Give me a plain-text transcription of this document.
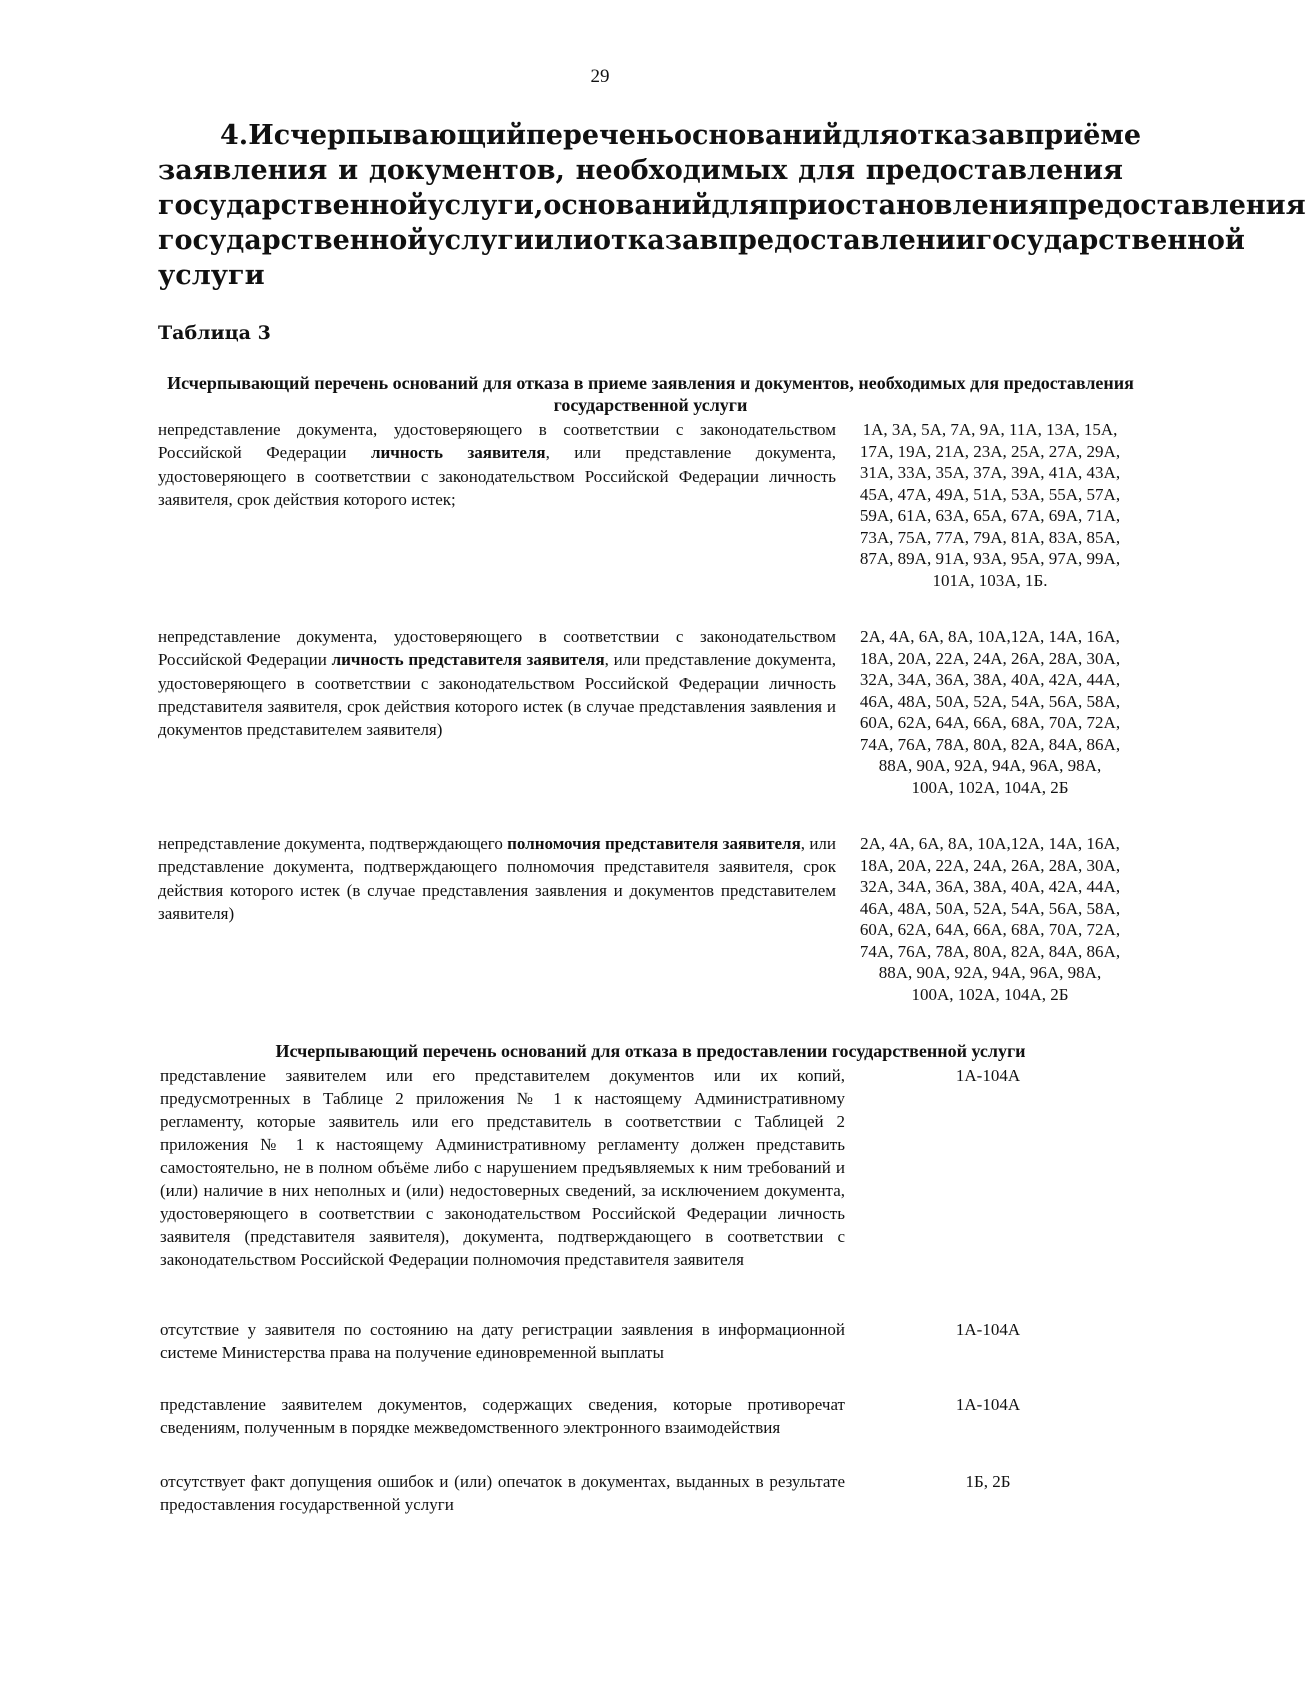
29
4. Исчерпывающий перечень оснований для отказа в приёме
заявления и документов, необходимых для предоставления
государственной услуги, оснований для приостановления предоставления
государственной услуги или отказа в предоставлении государственной
услуги
Таблица 3
Исчерпывающий перечень оснований для отказа в приеме заявления и документов, необходимых для предоставления государственной услуги
непредставление документа, удостоверяющего в соответствии с законодательством Российской Федерации личность заявителя, или представление документа, удостоверяющего в соответствии с законодательством Российской Федерации личность заявителя, срок действия которого истек;
1А, 3А, 5А, 7А, 9А, 11А, 13А, 15А, 17А, 19А, 21А, 23А, 25А, 27А, 29А, 31А, 33А, 35А, 37А, 39А, 41А, 43А, 45А, 47А, 49А, 51А, 53А, 55А, 57А, 59А, 61А, 63А, 65А, 67А, 69А, 71А, 73А, 75А, 77А, 79А, 81А, 83А, 85А, 87А, 89А, 91А, 93А, 95А, 97А, 99А, 101А, 103А, 1Б.
непредставление документа, удостоверяющего в соответствии с законодательством Российской Федерации личность представителя заявителя, или представление документа, удостоверяющего в соответствии с законодательством Российской Федерации личность представителя заявителя, срок действия которого истек (в случае представления заявления и документов представителем заявителя)
2А, 4А, 6А, 8А, 10А,12А, 14А, 16А, 18А, 20А, 22А, 24А, 26А, 28А, 30А, 32А, 34А, 36А, 38А, 40А, 42А, 44А, 46А, 48А, 50А, 52А, 54А, 56А, 58А, 60А, 62А, 64А, 66А, 68А, 70А, 72А, 74А, 76А, 78А, 80А, 82А, 84А, 86А, 88А, 90А, 92А, 94А, 96А, 98А, 100А, 102А, 104А, 2Б
непредставление документа, подтверждающего полномочия представителя заявителя, или представление документа, подтверждающего полномочия представителя заявителя, срок действия которого истек (в случае представления заявления и документов представителем заявителя)
2А, 4А, 6А, 8А, 10А,12А, 14А, 16А, 18А, 20А, 22А, 24А, 26А, 28А, 30А, 32А, 34А, 36А, 38А, 40А, 42А, 44А, 46А, 48А, 50А, 52А, 54А, 56А, 58А, 60А, 62А, 64А, 66А, 68А, 70А, 72А, 74А, 76А, 78А, 80А, 82А, 84А, 86А, 88А, 90А, 92А, 94А, 96А, 98А, 100А, 102А, 104А, 2Б
Исчерпывающий перечень оснований для отказа в предоставлении государственной услуги
представление заявителем или его представителем документов или их копий, предусмотренных в Таблице 2 приложения № 1 к настоящему Административному регламенту, которые заявитель или его представитель в соответствии с Таблицей 2 приложения № 1 к настоящему Административному регламенту должен представить самостоятельно, не в полном объёме либо с нарушением предъявляемых к ним требований и (или) наличие в них неполных и (или) недостоверных сведений, за исключением документа, удостоверяющего в соответствии с законодательством Российской Федерации личность заявителя (представителя заявителя), документа, подтверждающего в соответствии с законодательством Российской Федерации полномочия представителя заявителя
1А-104А
отсутствие у заявителя по состоянию на дату регистрации заявления в информационной системе Министерства права на получение единовременной выплаты
1А-104А
представление заявителем документов, содержащих сведения, которые противоречат сведениям, полученным в порядке межведомственного электронного взаимодействия
1А-104А
отсутствует факт допущения ошибок и (или) опечаток в документах, выданных в результате предоставления государственной услуги
1Б, 2Б
